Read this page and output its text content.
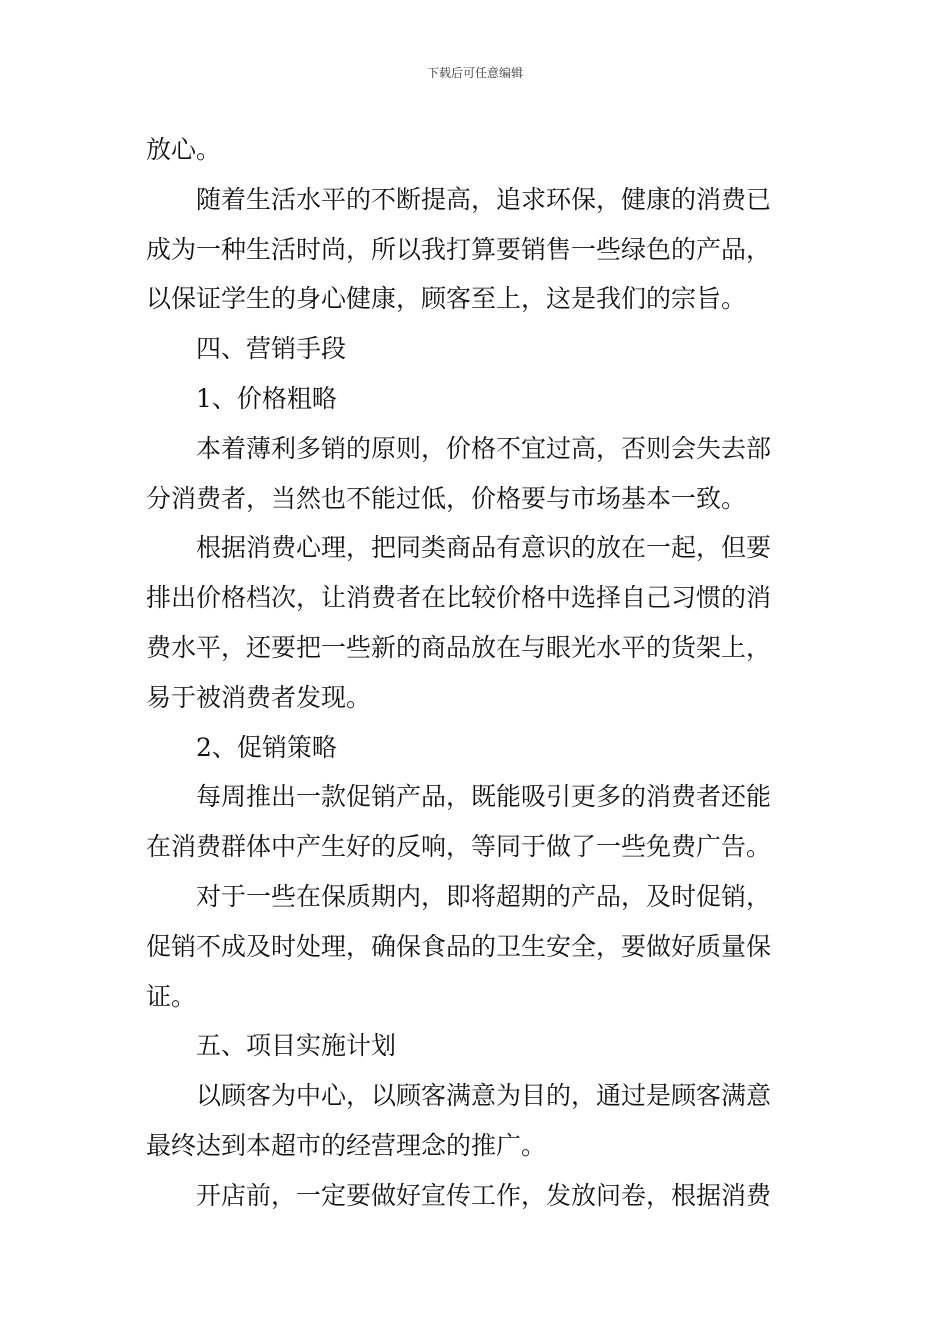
下载后可任意编辑
放心。
随着生活水平的不断提高，追求环保，健康的消费已
成为一种生活时尚，所以我打算要销售一些绿色的产品，
以保证学生的身心健康，顾客至上，这是我们的宗旨。
四、营销手段
1、价格粗略
本着薄利多销的原则，价格不宜过高，否则会失去部
分消费者，当然也不能过低，价格要与市场基本一致。
根据消费心理，把同类商品有意识的放在一起，但要
排出价格档次，让消费者在比较价格中选择自己习惯的消
费水平，还要把一些新的商品放在与眼光水平的货架上，
易于被消费者发现。
2、促销策略
每周推出一款促销产品，既能吸引更多的消费者还能
在消费群体中产生好的反响，等同于做了一些免费广告。
对于一些在保质期内，即将超期的产品，及时促销，
促销不成及时处理，确保食品的卫生安全，要做好质量保
证。
五、项目实施计划
以顾客为中心，以顾客满意为目的，通过是顾客满意
最终达到本超市的经营理念的推广。
开店前，一定要做好宣传工作，发放问卷，根据消费
